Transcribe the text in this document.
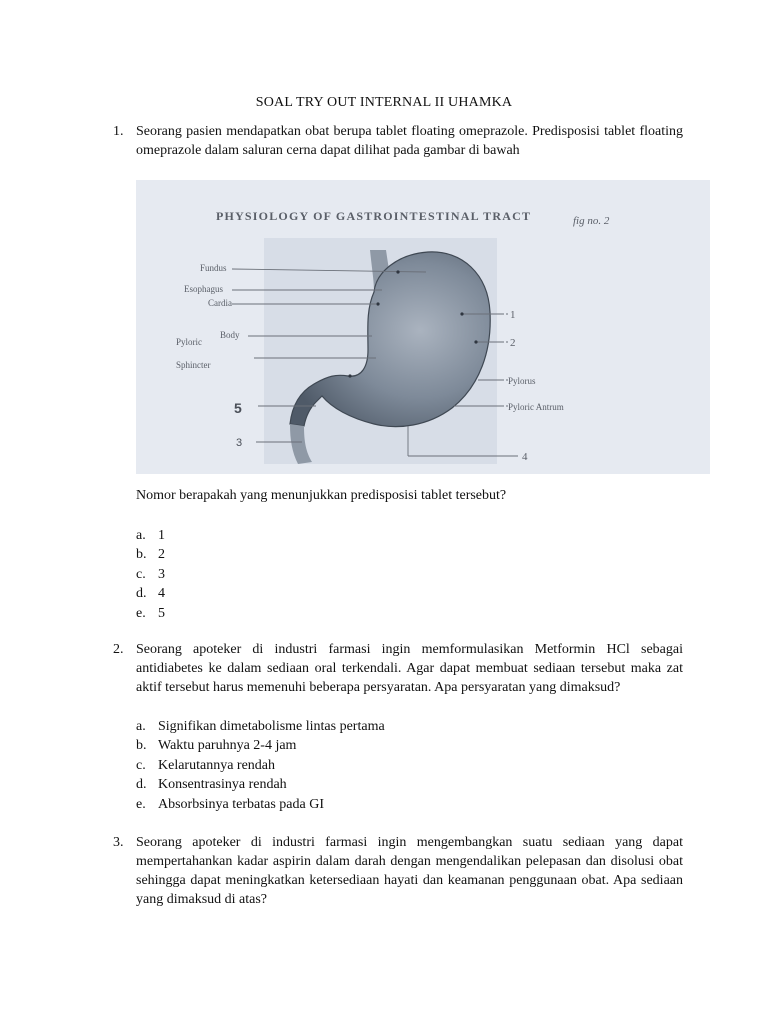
SOAL TRY OUT INTERNAL II UHAMKA
1. Seorang pasien mendapatkan obat berupa tablet floating omeprazole. Predisposisi tablet floating omeprazole dalam saluran cerna dapat dilihat pada gambar di bawah
PHYSIOLOGY OF GASTROINTESTINAL TRACT	fig no. 2
Fundus
Esophagus
Cardia
Body
Pyloric
Sphincter
1
2
Pylorus
Pyloric Antrum
4
5
3
Nomor berapakah yang menunjukkan predisposisi tablet tersebut?
a. 1
b. 2
c. 3
d. 4
e. 5
2. Seorang apoteker di industri farmasi ingin memformulasikan Metformin HCl sebagai antidiabetes ke dalam sediaan oral terkendali. Agar dapat membuat sediaan tersebut maka zat aktif tersebut harus memenuhi beberapa persyaratan. Apa persyaratan yang dimaksud?
a. Signifikan dimetabolisme lintas pertama
b. Waktu paruhnya 2-4 jam
c. Kelarutannya rendah
d. Konsentrasinya rendah
e. Absorbsinya terbatas pada GI
3. Seorang apoteker di industri farmasi ingin mengembangkan suatu sediaan yang dapat mempertahankan kadar aspirin dalam darah dengan mengendalikan pelepasan dan disolusi obat sehingga dapat meningkatkan ketersediaan hayati dan keamanan penggunaan obat. Apa sediaan yang dimaksud di atas?
